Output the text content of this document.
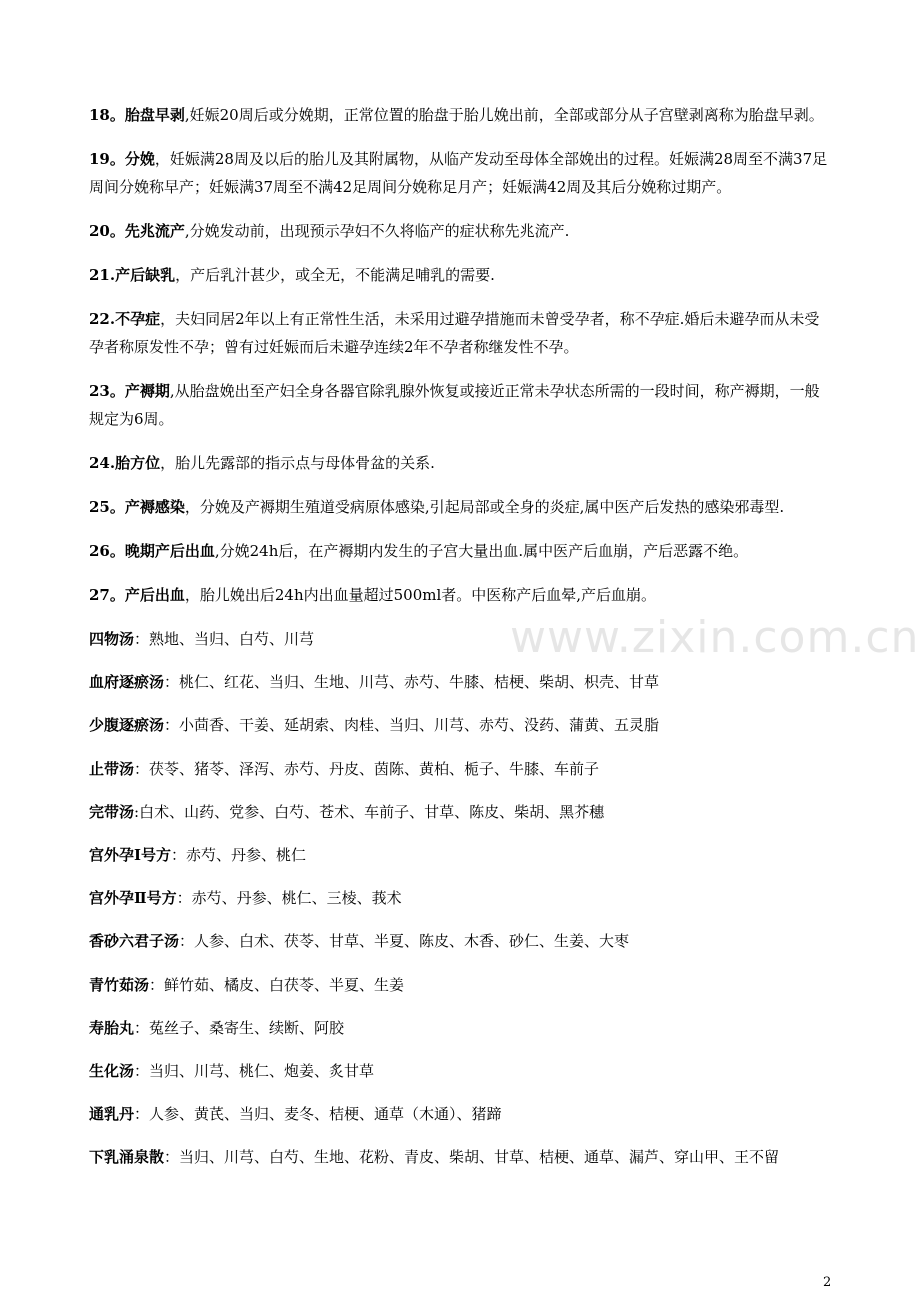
www.zixin.com.cn

18。胎盘早剥,妊娠20周后或分娩期，正常位置的胎盘于胎儿娩出前，全部或部分从子宫壁剥离称为胎盘早剥。

19。分娩，妊娠满28周及以后的胎儿及其附属物，从临产发动至母体全部娩出的过程。妊娠满28周至不满37足周间分娩称早产；妊娠满37周至不满42足周间分娩称足月产；妊娠满42周及其后分娩称过期产。

20。先兆流产,分娩发动前，出现预示孕妇不久将临产的症状称先兆流产.

21.产后缺乳，产后乳汁甚少，或全无，不能满足哺乳的需要.

22.不孕症，夫妇同居2年以上有正常性生活，未采用过避孕措施而未曾受孕者，称不孕症.婚后未避孕而从未受孕者称原发性不孕；曾有过妊娠而后未避孕连续2年不孕者称继发性不孕。

23。产褥期,从胎盘娩出至产妇全身各器官除乳腺外恢复或接近正常未孕状态所需的一段时间，称产褥期，一般规定为6周。

24.胎方位，胎儿先露部的指示点与母体骨盆的关系.

25。产褥感染，分娩及产褥期生殖道受病原体感染,引起局部或全身的炎症,属中医产后发热的感染邪毒型.

26。晚期产后出血,分娩24h后，在产褥期内发生的子宫大量出血.属中医产后血崩，产后恶露不绝。

27。产后出血，胎儿娩出后24h内出血量超过500ml者。中医称产后血晕,产后血崩。

四物汤：熟地、当归、白芍、川芎

血府逐瘀汤：桃仁、红花、当归、生地、川芎、赤芍、牛膝、桔梗、柴胡、枳壳、甘草

少腹逐瘀汤：小茴香、干姜、延胡索、肉桂、当归、川芎、赤芍、没药、蒲黄、五灵脂

止带汤：茯苓、猪苓、泽泻、赤芍、丹皮、茵陈、黄柏、栀子、牛膝、车前子

完带汤:白术、山药、党参、白芍、苍术、车前子、甘草、陈皮、柴胡、黑芥穗

宫外孕Ⅰ号方：赤芍、丹参、桃仁

宫外孕Ⅱ号方：赤芍、丹参、桃仁、三棱、莪术

香砂六君子汤：人参、白术、茯苓、甘草、半夏、陈皮、木香、砂仁、生姜、大枣

青竹茹汤：鲜竹茹、橘皮、白茯苓、半夏、生姜

寿胎丸：菟丝子、桑寄生、续断、阿胶

生化汤：当归、川芎、桃仁、炮姜、炙甘草

通乳丹：人参、黄芪、当归、麦冬、桔梗、通草（木通）、猪蹄

下乳涌泉散：当归、川芎、白芍、生地、花粉、青皮、柴胡、甘草、桔梗、通草、漏芦、穿山甲、王不留

2
